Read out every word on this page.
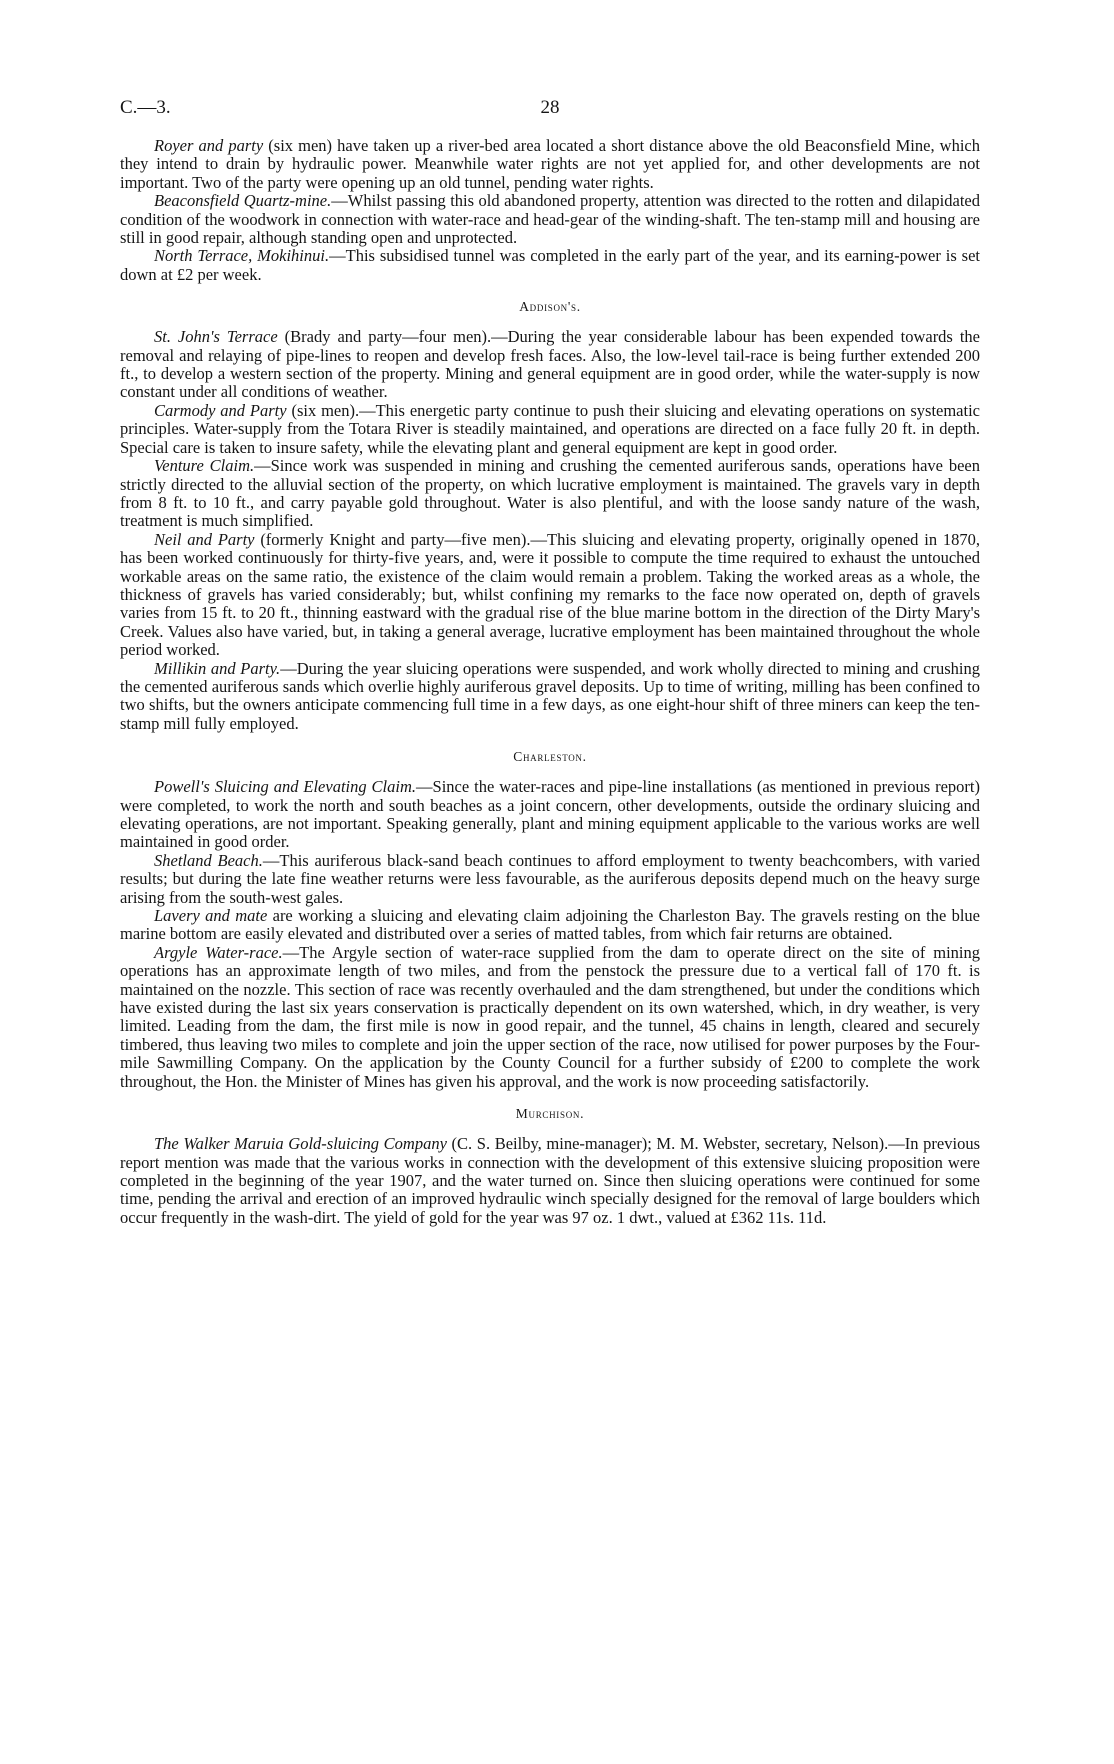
C.—3.	28

Royer and party (six men) have taken up a river-bed area located a short distance above the old Beaconsfield Mine, which they intend to drain by hydraulic power. Meanwhile water rights are not yet applied for, and other developments are not important. Two of the party were opening up an old tunnel, pending water rights.

Beaconsfield Quartz-mine.—Whilst passing this old abandoned property, attention was directed to the rotten and dilapidated condition of the woodwork in connection with water-race and head-gear of the winding-shaft. The ten-stamp mill and housing are still in good repair, although standing open and unprotected.

North Terrace, Mokihinui.—This subsidised tunnel was completed in the early part of the year, and its earning-power is set down at £2 per week.

Addison's.

St. John's Terrace (Brady and party—four men).—During the year considerable labour has been expended towards the removal and relaying of pipe-lines to reopen and develop fresh faces. Also, the low-level tail-race is being further extended 200 ft., to develop a western section of the property. Mining and general equipment are in good order, while the water-supply is now constant under all conditions of weather.

Carmody and Party (six men).—This energetic party continue to push their sluicing and elevating operations on systematic principles. Water-supply from the Totara River is steadily maintained, and operations are directed on a face fully 20 ft. in depth. Special care is taken to insure safety, while the elevating plant and general equipment are kept in good order.

Venture Claim.—Since work was suspended in mining and crushing the cemented auriferous sands, operations have been strictly directed to the alluvial section of the property, on which lucrative employment is maintained. The gravels vary in depth from 8 ft. to 10 ft., and carry payable gold throughout. Water is also plentiful, and with the loose sandy nature of the wash, treatment is much simplified.

Neil and Party (formerly Knight and party—five men).—This sluicing and elevating property, originally opened in 1870, has been worked continuously for thirty-five years, and, were it possible to compute the time required to exhaust the untouched workable areas on the same ratio, the existence of the claim would remain a problem. Taking the worked areas as a whole, the thickness of gravels has varied considerably; but, whilst confining my remarks to the face now operated on, depth of gravels varies from 15 ft. to 20 ft., thinning eastward with the gradual rise of the blue marine bottom in the direction of the Dirty Mary's Creek. Values also have varied, but, in taking a general average, lucrative employment has been maintained throughout the whole period worked.

Millikin and Party.—During the year sluicing operations were suspended, and work wholly directed to mining and crushing the cemented auriferous sands which overlie highly auriferous gravel deposits. Up to time of writing, milling has been confined to two shifts, but the owners anticipate commencing full time in a few days, as one eight-hour shift of three miners can keep the ten-stamp mill fully employed.

Charleston.

Powell's Sluicing and Elevating Claim.—Since the water-races and pipe-line installations (as mentioned in previous report) were completed, to work the north and south beaches as a joint concern, other developments, outside the ordinary sluicing and elevating operations, are not important. Speaking generally, plant and mining equipment applicable to the various works are well maintained in good order.

Shetland Beach.—This auriferous black-sand beach continues to afford employment to twenty beachcombers, with varied results; but during the late fine weather returns were less favourable, as the auriferous deposits depend much on the heavy surge arising from the south-west gales.

Lavery and mate are working a sluicing and elevating claim adjoining the Charleston Bay. The gravels resting on the blue marine bottom are easily elevated and distributed over a series of matted tables, from which fair returns are obtained.

Argyle Water-race.—The Argyle section of water-race supplied from the dam to operate direct on the site of mining operations has an approximate length of two miles, and from the penstock the pressure due to a vertical fall of 170 ft. is maintained on the nozzle. This section of race was recently overhauled and the dam strengthened, but under the conditions which have existed during the last six years conservation is practically dependent on its own watershed, which, in dry weather, is very limited. Leading from the dam, the first mile is now in good repair, and the tunnel, 45 chains in length, cleared and securely timbered, thus leaving two miles to complete and join the upper section of the race, now utilised for power purposes by the Four-mile Sawmilling Company. On the application by the County Council for a further subsidy of £200 to complete the work throughout, the Hon. the Minister of Mines has given his approval, and the work is now proceeding satisfactorily.

Murchison.

The Walker Maruia Gold-sluicing Company (C. S. Beilby, mine-manager); M. M. Webster, secretary, Nelson).—In previous report mention was made that the various works in connection with the development of this extensive sluicing proposition were completed in the beginning of the year 1907, and the water turned on. Since then sluicing operations were continued for some time, pending the arrival and erection of an improved hydraulic winch specially designed for the removal of large boulders which occur frequently in the wash-dirt. The yield of gold for the year was 97 oz. 1 dwt., valued at £362 11s. 11d.
